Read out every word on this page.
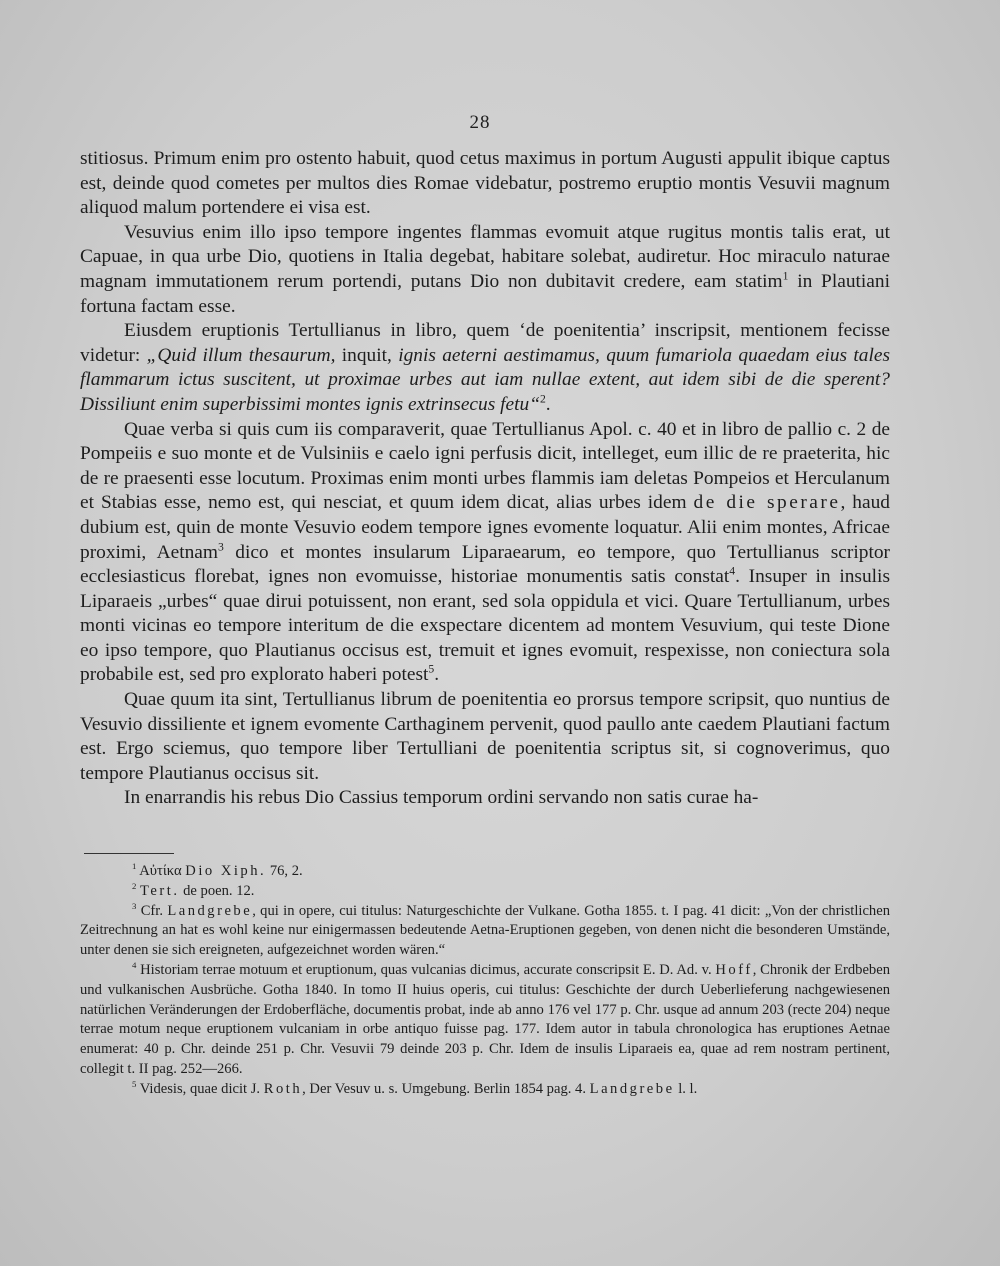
28

stitiosus. Primum enim pro ostento habuit, quod cetus maximus in portum Augusti appulit ibique captus est, deinde quod cometes per multos dies Romae videbatur, postremo eruptio montis Vesuvii magnum aliquod malum portendere ei visa est.

Vesuvius enim illo ipso tempore ingentes flammas evomuit atque rugitus montis talis erat, ut Capuae, in qua urbe Dio, quotiens in Italia degebat, habitare solebat, audiretur. Hoc miraculo naturae magnam immutationem rerum portendi, putans Dio non dubitavit credere, eam statim$^1$ in Plautiani fortuna factam esse.

Eiusdem eruptionis Tertullianus in libro, quem ‘de poenitentia’ inscripsit, mentionem fecisse videtur: „Quid illum thesaurum, inquit, ignis aeterni aestimamus, quum fumariola quaedam eius tales flammarum ictus suscitent, ut proximae urbes aut iam nullae extent, aut idem sibi de die sperent? Dissiliunt enim superbissimi montes ignis extrinsecus fetu“$^2$.

Quae verba si quis cum iis comparaverit, quae Tertullianus Apol. c. 40 et in libro de pallio c. 2 de Pompeiis e suo monte et de Vulsiniis e caelo igni perfusis dicit, intelleget, eum illic de re praeterita, hic de re praesenti esse locutum. Proximas enim monti urbes flammis iam deletas Pompeios et Herculanum et Stabias esse, nemo est, qui nesciat, et quum idem dicat, alias urbes idem de die sperare, haud dubium est, quin de monte Vesuvio eodem tempore ignes evomente loquatur. Alii enim montes, Africae proximi, Aetnam$^3$ dico et montes insularum Liparaearum, eo tempore, quo Tertullianus scriptor ecclesiasticus florebat, ignes non evomuisse, historiae monumentis satis constat$^4$. Insuper in insulis Liparaeis „urbes“ quae dirui potuissent, non erant, sed sola oppidula et vici. Quare Tertullianum, urbes monti vicinas eo tempore interitum de die exspectare dicentem ad montem Vesuvium, qui teste Dione eo ipso tempore, quo Plautianus occisus est, tremuit et ignes evomuit, respexisse, non coniectura sola probabile est, sed pro explorato haberi potest$^5$.

Quae quum ita sint, Tertullianus librum de poenitentia eo prorsus tempore scripsit, quo nuntius de Vesuvio dissiliente et ignem evomente Carthaginem pervenit, quod paullo ante caedem Plautiani factum est. Ergo sciemus, quo tempore liber Tertulliani de poenitentia scriptus sit, si cognoverimus, quo tempore Plautianus occisus sit.

In enarrandis his rebus Dio Cassius temporum ordini servando non satis curae ha-

$^1$ Αὐτίκα Dio Xiph. 76, 2.

$^2$ Tert. de poen. 12.

$^3$ Cfr. Landgrebe, qui in opere, cui titulus: Naturgeschichte der Vulkane. Gotha 1855. t. I pag. 41 dicit: „Von der christlichen Zeitrechnung an hat es wohl keine nur einigermassen bedeutende Aetna-Eruptionen gegeben, von denen nicht die besonderen Umstände, unter denen sie sich ereigneten, aufgezeichnet worden wären.“

$^4$ Historiam terrae motuum et eruptionum, quas vulcanias dicimus, accurate conscripsit E. D. Ad. v. Hoff, Chronik der Erdbeben und vulkanischen Ausbrüche. Gotha 1840. In tomo II huius operis, cui titulus: Geschichte der durch Ueberlieferung nachgewiesenen natürlichen Veränderungen der Erdoberfläche, documentis probat, inde ab anno 176 vel 177 p. Chr. usque ad annum 203 (recte 204) neque terrae motum neque eruptionem vulcaniam in orbe antiquo fuisse pag. 177. Idem autor in tabula chronologica has eruptiones Aetnae enumerat: 40 p. Chr. deinde 251 p. Chr. Vesuvii 79 deinde 203 p. Chr. Idem de insulis Liparaeis ea, quae ad rem nostram pertinent, collegit t. II pag. 252—266.

$^5$ Videsis, quae dicit J. Roth, Der Vesuv u. s. Umgebung. Berlin 1854 pag. 4. Landgrebe l. l.
